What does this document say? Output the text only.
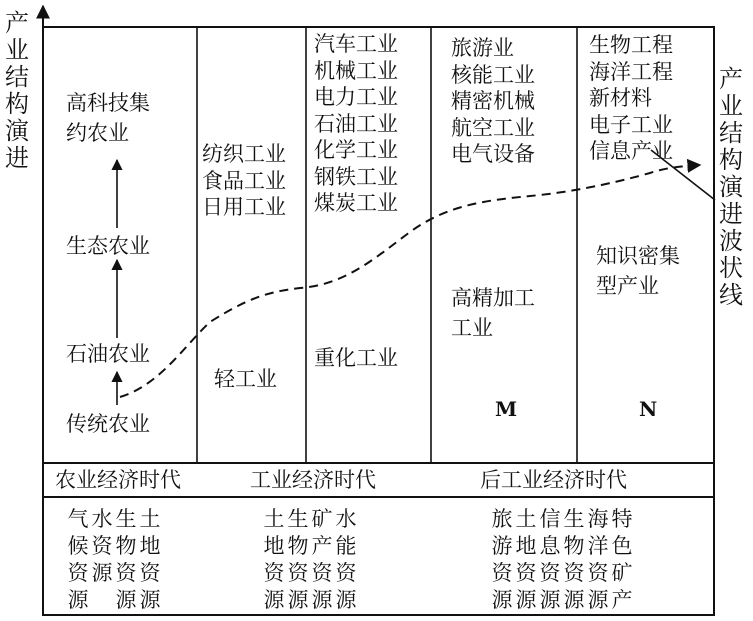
产
业
结
构
演
进
高科技集
约农业
生态农业
石油农业
传统农业
纺织工业
食品工业
日用工业
轻工业
汽车工业
机械工业
电力工业
石油工业
化学工业
钢铁工业
煤炭工业
重化工业
旅游业
核能工业
精密机械
航空工业
电气设备
高精加工
工业
M
生物工程
海洋工程
新材料
电子工业
信息产业
知识密集
型产业
N
产
业
结
构
演
进
波
状
线
农业经济时代	工业经济时代	后工业经济时代
气 水 生 土
候 资 物 地
资 源 资 资
源 源 源
土 生 矿 水
地 物 产 能
资 资 资 资
源 源 源 源
旅 土 信 生 海 特
游 地 息 物 洋 色
资 资 资 资 资 矿
源 源 源 源 源 产
